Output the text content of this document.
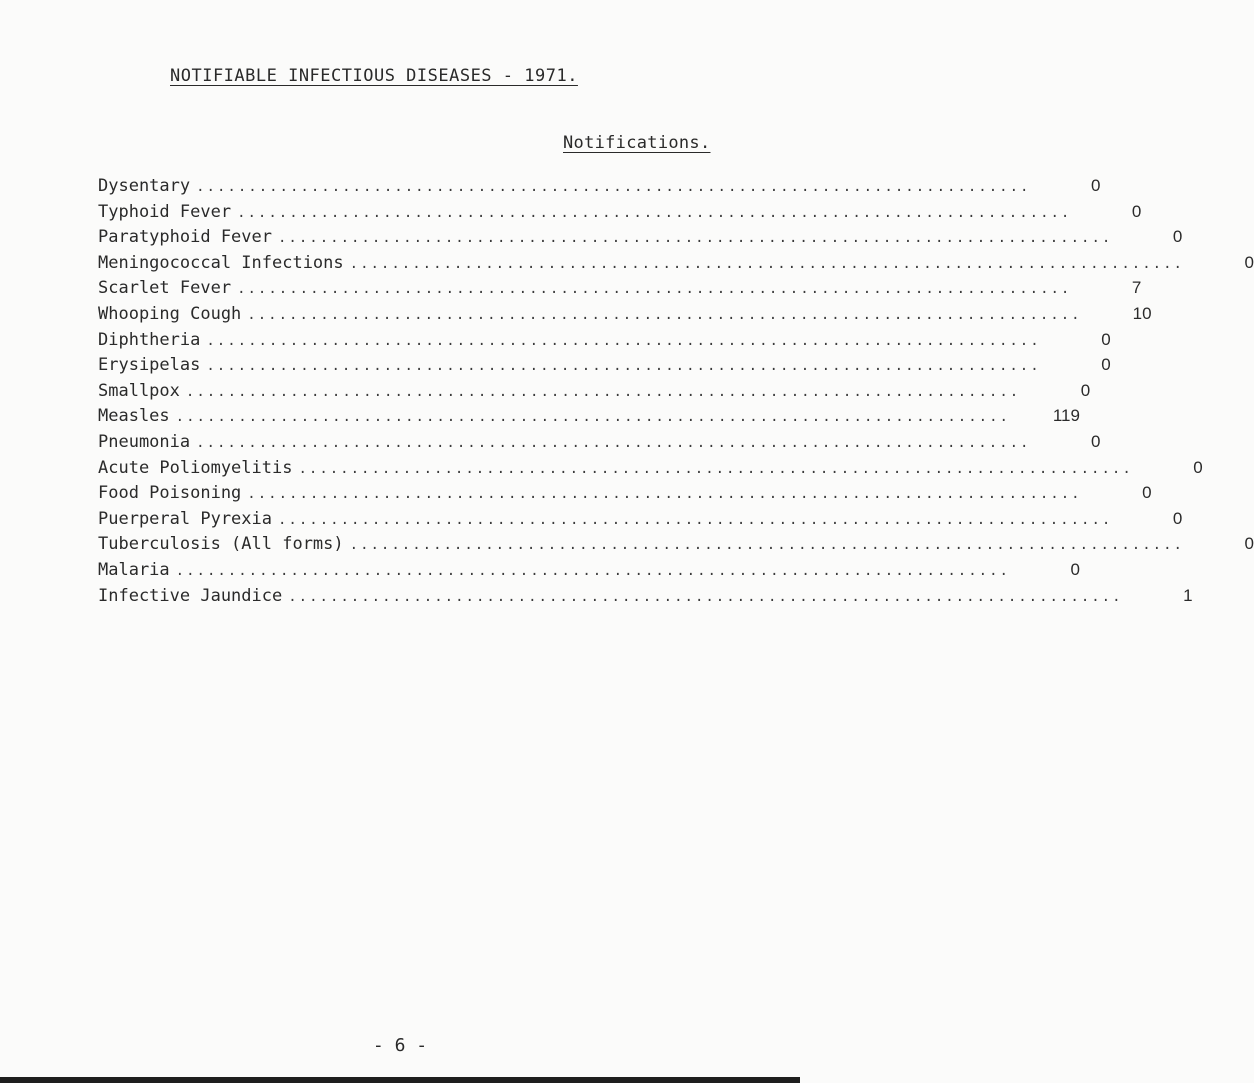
NOTIFIABLE INFECTIOUS DISEASES - 1971.
Notifications.
Dysentary ................................................................................	0
Typhoid Fever ................................................................................	0
Paratyphoid Fever ................................................................................	0
Meningococcal Infections ................................................................................	0
Scarlet Fever ................................................................................	7
Whooping Cough ................................................................................	10
Diphtheria ................................................................................	0
Erysipelas ................................................................................	0
Smallpox ................................................................................	0
Measles ................................................................................	119
Pneumonia ................................................................................	0
Acute Poliomyelitis ................................................................................	0
Food Poisoning ................................................................................	0
Puerperal Pyrexia ................................................................................	0
Tuberculosis (All forms) ................................................................................	0
Malaria ................................................................................	0
Infective Jaundice ................................................................................	1
- 6 -
